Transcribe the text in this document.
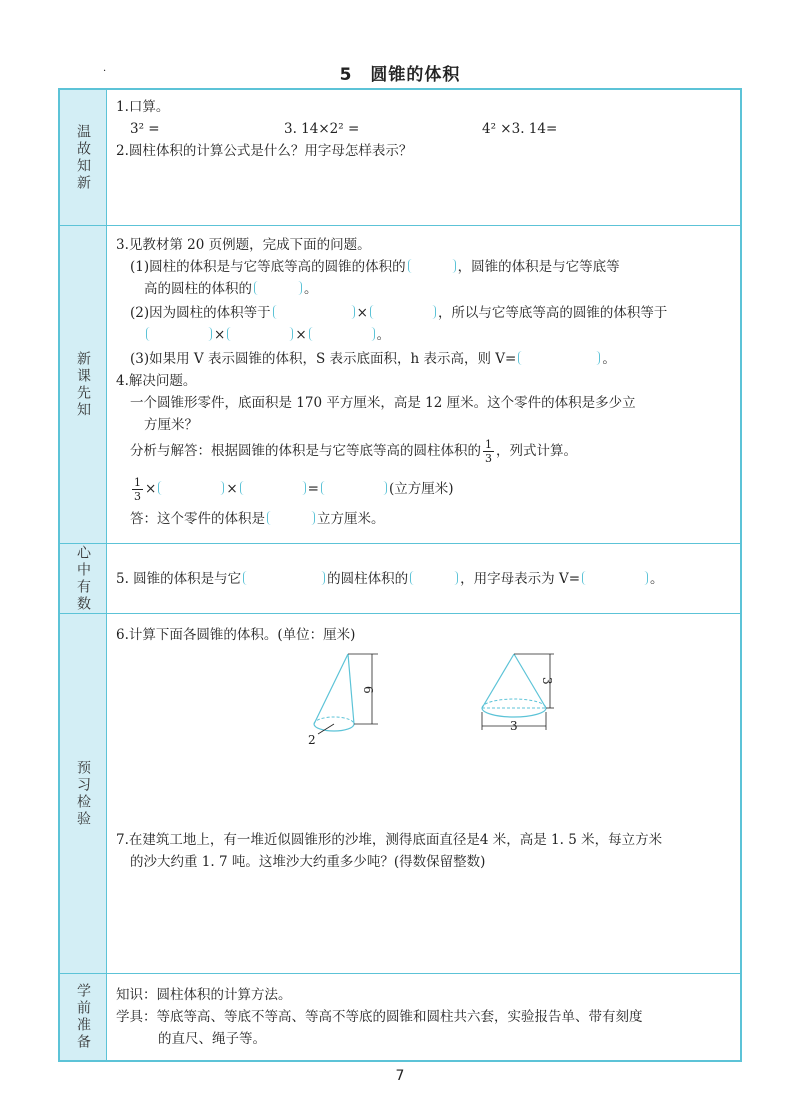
·	5　圆锥的体积
温故知新
1.口算。
3² =	3. 14×2² =	4² ×3. 14=
2.圆柱体积的计算公式是什么？用字母怎样表示？
新课先知
3.见教材第 20 页例题，完成下面的问题。
(1)圆柱的体积是与它等底等高的圆锥的体积的	，圆锥的体积是与它等底等
高的圆柱的体积的	。
(2)因为圆柱的体积等于	×	，所以与它等底等高的圆锥的体积等于
×	×	。
(3)如果用 V 表示圆锥的体积，S 表示底面积，h 表示高，则 V=	。
4.解决问题。
一个圆锥形零件，底面积是 170 平方厘米，高是 12 厘米。这个零件的体积是多少立
方厘米？
分析与解答：根据圆锥的体积是与它等底等高的圆柱体积的 $\frac{1}{3}$ ，列式计算。
$\frac{1}{3}$ ×	×	=	(立方厘米)
答：这个零件的体积是	立方厘米。
心中有数 5. 圆锥的体积是与它	的圆柱体积的	，用字母表示为 V=	。
预习检验
6.计算下面各圆锥的体积。(单位：厘米)
6
2
3
3
7.在建筑工地上，有一堆近似圆锥形的沙堆，测得底面直径是4 米，高是 1. 5 米，每立方米
的沙大约重 1. 7 吨。这堆沙大约重多少吨？(得数保留整数)
学前准备 知识：圆柱体积的计算方法。
学具：等底等高、等底不等高、等高不等底的圆锥和圆柱共六套，实验报告单、带有刻度
的直尺、绳子等。
7
